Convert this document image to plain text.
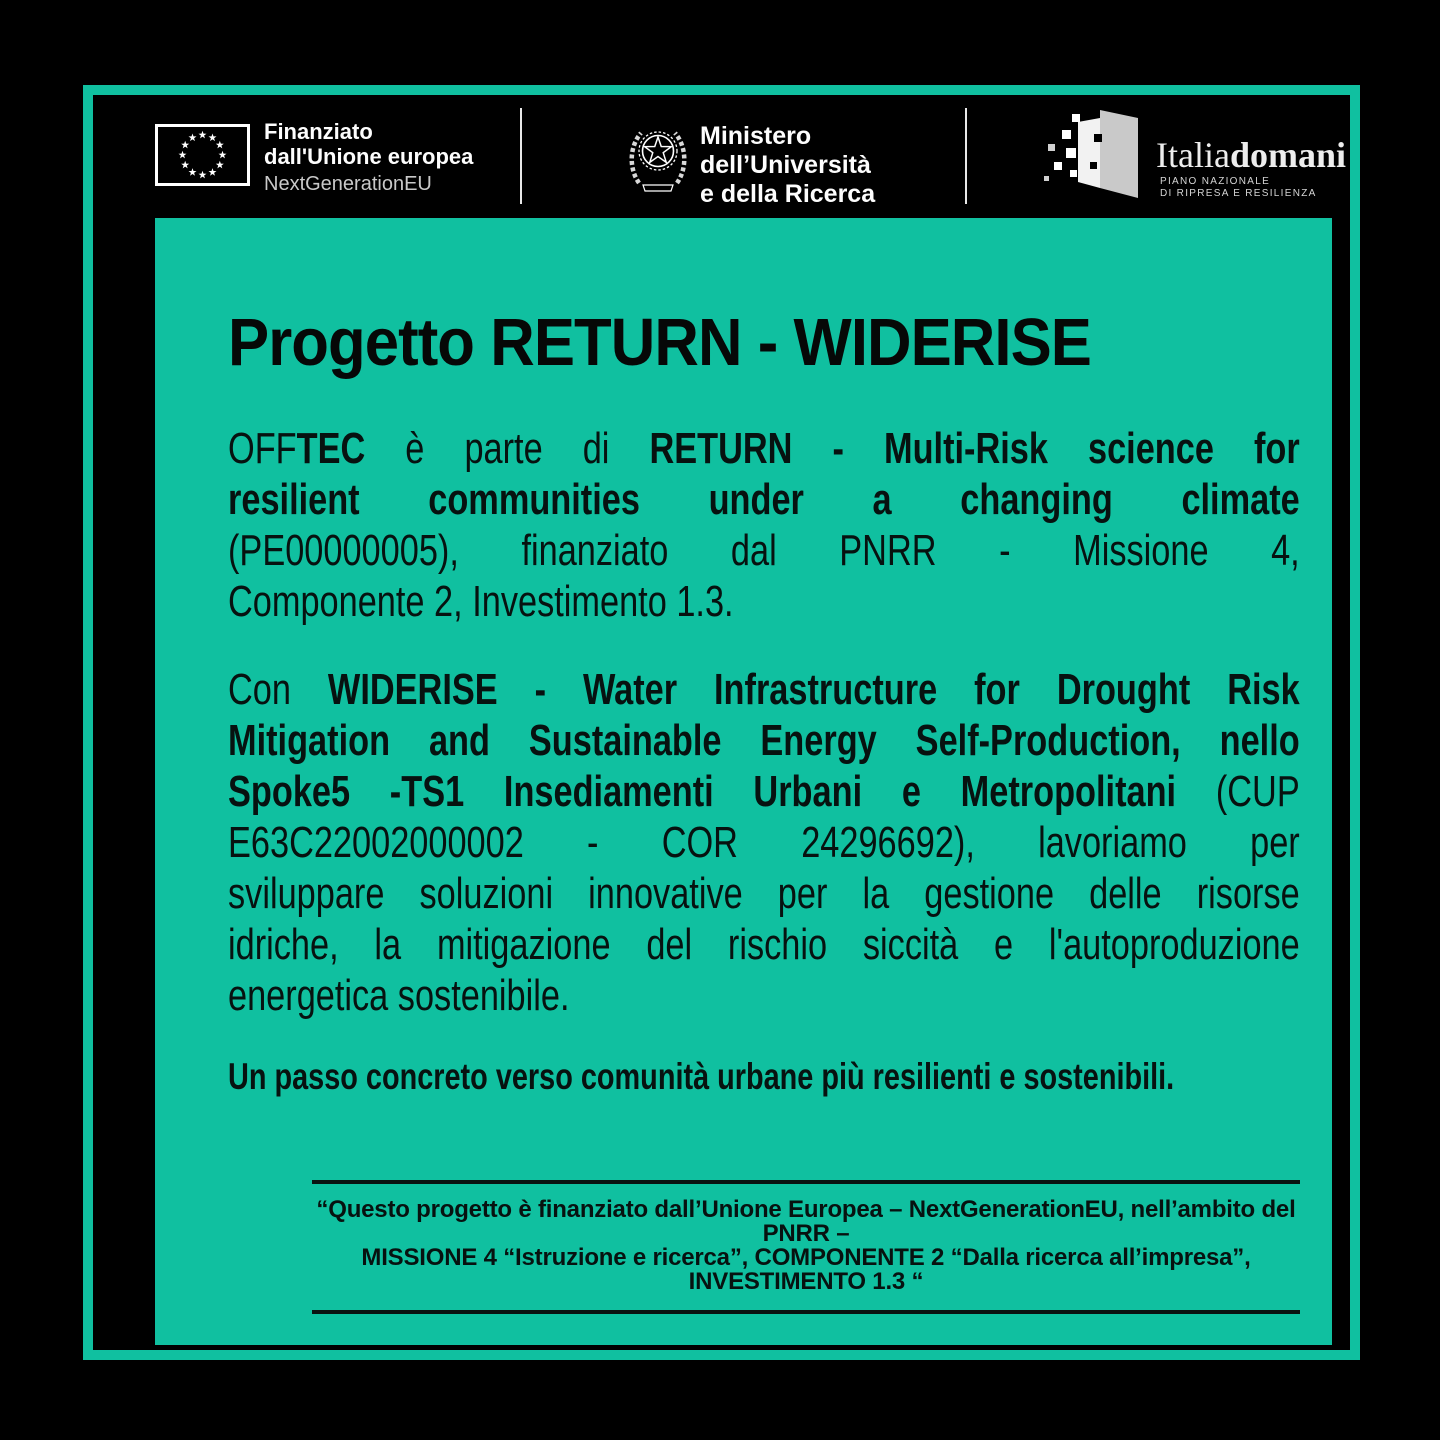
Finanziato
dall'Unione europea
NextGenerationEU
Ministero
dell’Università
e della Ricerca
Italiadomani
PIANO NAZIONALE
DI RIPRESA E RESILIENZA
Progetto RETURN - WIDERISE
OFFTEC è parte di RETURN - Multi-Risk science for
resilient communities under a changing climate
(PE00000005), finanziato dal PNRR - Missione 4,
Componente 2, Investimento 1.3.
Con WIDERISE - Water Infrastructure for Drought Risk
Mitigation and Sustainable Energy Self-Production, nello
Spoke5 -TS1 Insediamenti Urbani e Metropolitani (CUP
E63C22002000002 - COR 24296692), lavoriamo per
sviluppare soluzioni innovative per la gestione delle risorse
idriche, la mitigazione del rischio siccità e l'autoproduzione
energetica sostenibile.
Un passo concreto verso comunità urbane più resilienti e sostenibili.
“Questo progetto è finanziato dall’Unione Europea – NextGenerationEU, nell’ambito del PNRR –
MISSIONE 4 “Istruzione e ricerca”, COMPONENTE 2 “Dalla ricerca all’impresa”, INVESTIMENTO 1.3 “
